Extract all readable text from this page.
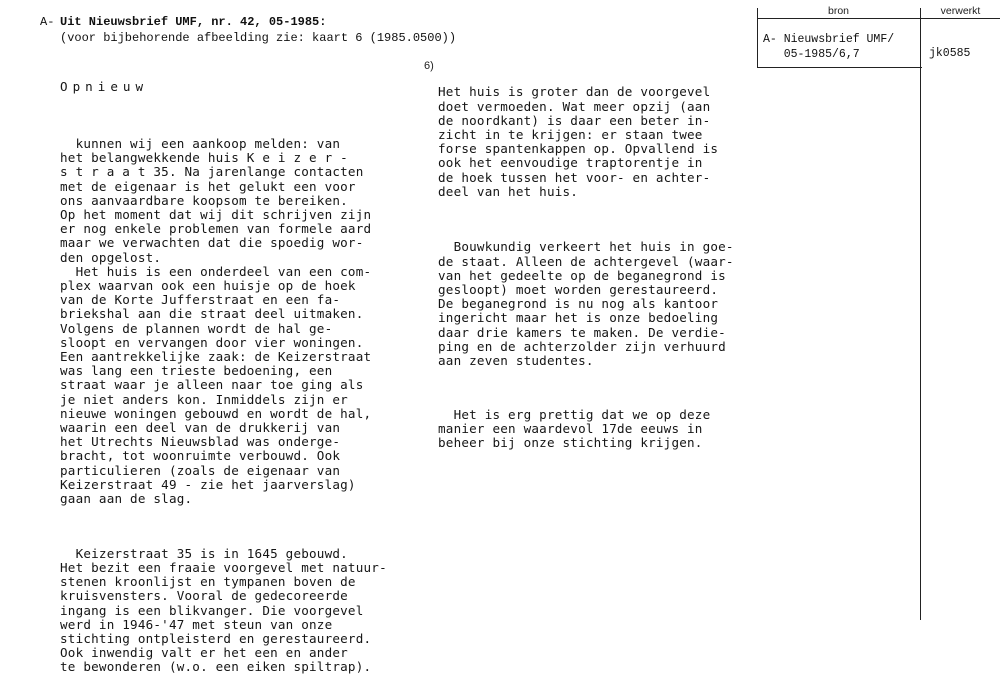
A- Uit Nieuwsbrief UMF, nr. 42, 05-1985:
(voor bijbehorende afbeelding zie: kaart 6 (1985.0500))
bron	verwerkt
A- Nieuwsbrief UMF/
05-1985/6,7	jk0585

Opnieuw

kunnen wij een aankoop melden: van
het belangwekkende huis K e i z e r -
s t r a a t 35. Na jarenlange contacten
met de eigenaar is het gelukt een voor
ons aanvaardbare koopsom te bereiken.
Op het moment dat wij dit schrijven zijn
er nog enkele problemen van formele aard
maar we verwachten dat die spoedig wor-
den opgelost.
Het huis is een onderdeel van een com-
plex waarvan ook een huisje op de hoek
van de Korte Jufferstraat en een fa-
briekshal aan die straat deel uitmaken.
Volgens de plannen wordt de hal ge-
sloopt en vervangen door vier woningen.
Een aantrekkelijke zaak: de Keizerstraat
was lang een trieste bedoening, een
straat waar je alleen naar toe ging als
je niet anders kon. Inmiddels zijn er
nieuwe woningen gebouwd en wordt de hal,
waarin een deel van de drukkerij van
het Utrechts Nieuwsblad was onderge-
bracht, tot woonruimte verbouwd. Ook
particulieren (zoals de eigenaar van
Keizerstraat 49 - zie het jaarverslag)
gaan aan de slag.

Keizerstraat 35 is in 1645 gebouwd.
Het bezit een fraaie voorgevel met natuur-
stenen kroonlijst en tympanen boven de
kruisvensters. Vooral de gedecoreerde
ingang is een blikvanger. Die voorgevel
werd in 1946-'47 met steun van onze
stichting ontpleisterd en gerestaureerd.
Ook inwendig valt er het een en ander
te bewonderen (w.o. een eiken spiltrap).

6)

Het huis is groter dan de voorgevel
doet vermoeden. Wat meer opzij (aan
de noordkant) is daar een beter in-
zicht in te krijgen: er staan twee
forse spantenkappen op. Opvallend is
ook het eenvoudige traptorentje in
de hoek tussen het voor- en achter-
deel van het huis.

Bouwkundig verkeert het huis in goe-
de staat. Alleen de achtergevel (waar-
van het gedeelte op de beganegrond is
gesloopt) moet worden gerestaureerd.
De beganegrond is nu nog als kantoor
ingericht maar het is onze bedoeling
daar drie kamers te maken. De verdie-
ping en de achterzolder zijn verhuurd
aan zeven studentes.

Het is erg prettig dat we op deze
manier een waardevol 17de eeuws in
beheer bij onze stichting krijgen.
